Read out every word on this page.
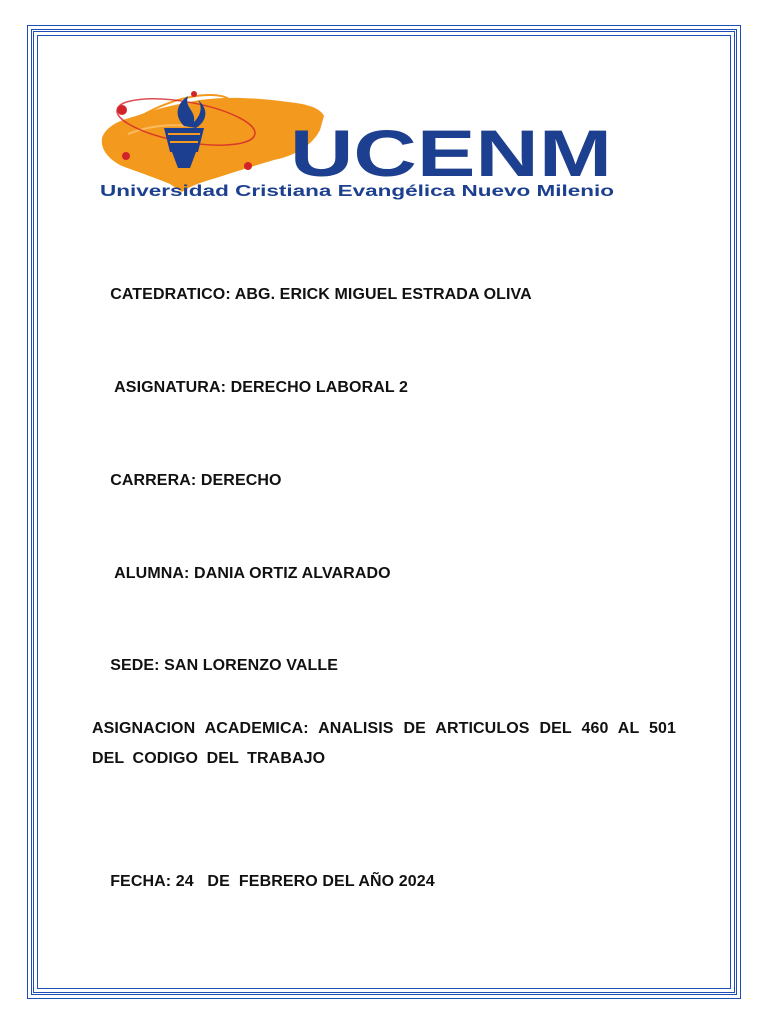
UCENM
Universidad Cristiana Evangélica Nuevo Milenio

CATEDRATICO: ABG. ERICK MIGUEL ESTRADA OLIVA

ASIGNATURA: DERECHO LABORAL 2

CARRERA: DERECHO

ALUMNA: DANIA ORTIZ ALVARADO

SEDE: SAN LORENZO VALLE

ASIGNACION ACADEMICA: ANALISIS DE ARTICULOS DEL 460 AL 501 DEL CODIGO DEL TRABAJO

FECHA: 24   DE  FEBRERO DEL AÑO 2024
